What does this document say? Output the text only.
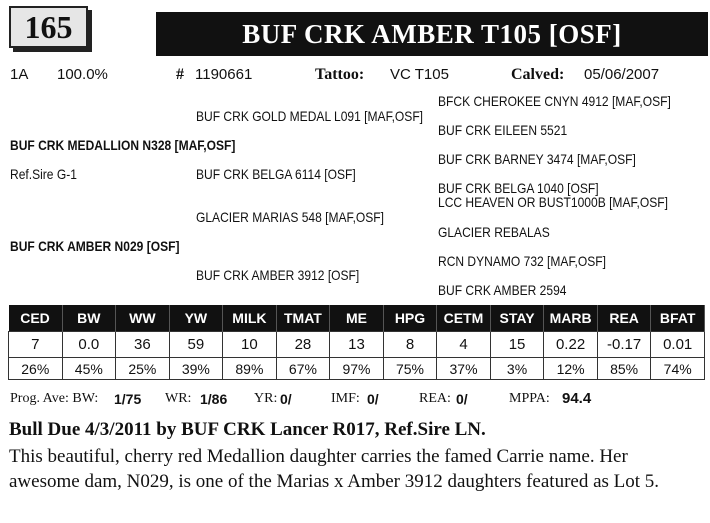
165	BUF CRK AMBER T105 [OSF]
1A 100.0%	# 1190661	Tattoo: VC T105	Calved: 05/06/2007
BFCK CHEROKEE CNYN 4912 [MAF,OSF]
BUF CRK GOLD MEDAL L091 [MAF,OSF]
BUF CRK EILEEN 5521
BUF CRK MEDALLION N328 [MAF,OSF]
BUF CRK BARNEY 3474 [MAF,OSF]
Ref.Sire G-1	BUF CRK BELGA 6114 [OSF]
BUF CRK BELGA 1040 [OSF]
LCC HEAVEN OR BUST1000B [MAF,OSF]
GLACIER MARIAS 548 [MAF,OSF]
GLACIER REBALAS
BUF CRK AMBER N029 [OSF]
RCN DYNAMO 732 [MAF,OSF]
BUF CRK AMBER 3912 [OSF]
BUF CRK AMBER 2594
CED	BW	WW	YW	MILK	TMAT	ME	HPG	CETM	STAY	MARB	REA	BFAT
7	0.0	36	59	10	28	13	8	4	15	0.22	-0.17	0.01
26%	45%	25%	39%	89%	67%	97%	75%	37%	3%	12%	85%	74%
Prog. Ave: BW: 1/75 WR: 1/86 YR: 0/	IMF: 0/	REA: 0/	MPPA: 94.4
Bull Due 4/3/2011 by BUF CRK Lancer R017, Ref.Sire LN.
This beautiful, cherry red Medallion daughter carries the famed Carrie name. Her awesome dam, N029, is one of the Marias x Amber 3912 daughters featured as Lot 5.
